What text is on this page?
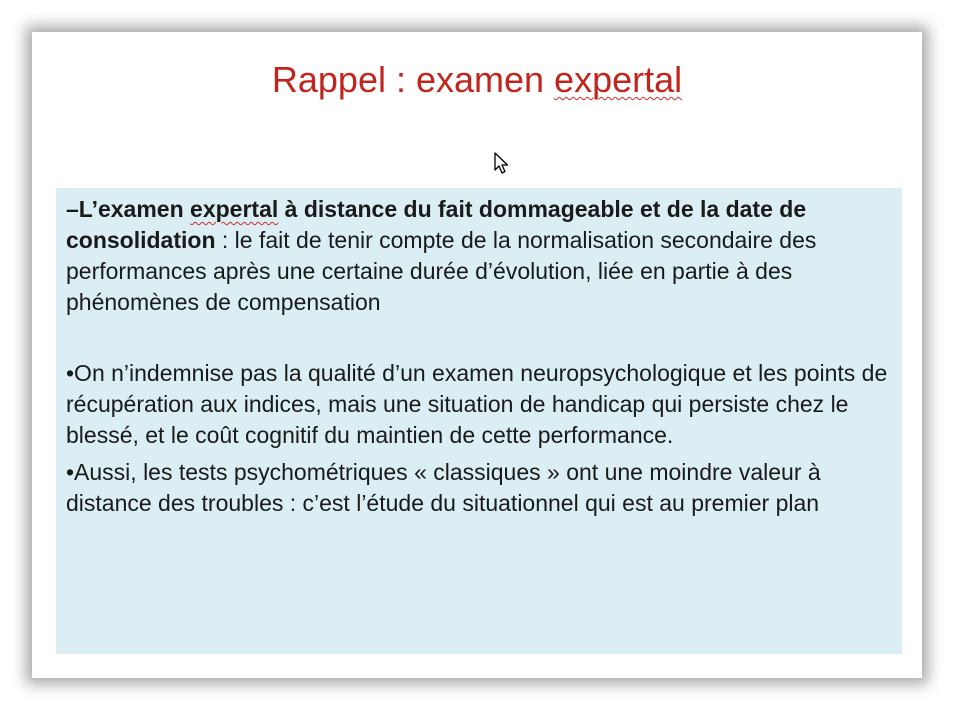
Rappel : examen expertal

–L’examen expertal à distance du fait dommageable et de la date de consolidation : le fait de tenir compte de la normalisation secondaire des performances après une certaine durée d’évolution, liée en partie à des phénomènes de compensation

•On n’indemnise pas la qualité d’un examen neuropsychologique et les points de récupération aux indices, mais une situation de handicap qui persiste chez le blessé, et le coût cognitif du maintien de cette performance.

•Aussi, les tests psychométriques « classiques » ont une moindre valeur à distance des troubles : c’est l’étude du situationnel qui est au premier plan
